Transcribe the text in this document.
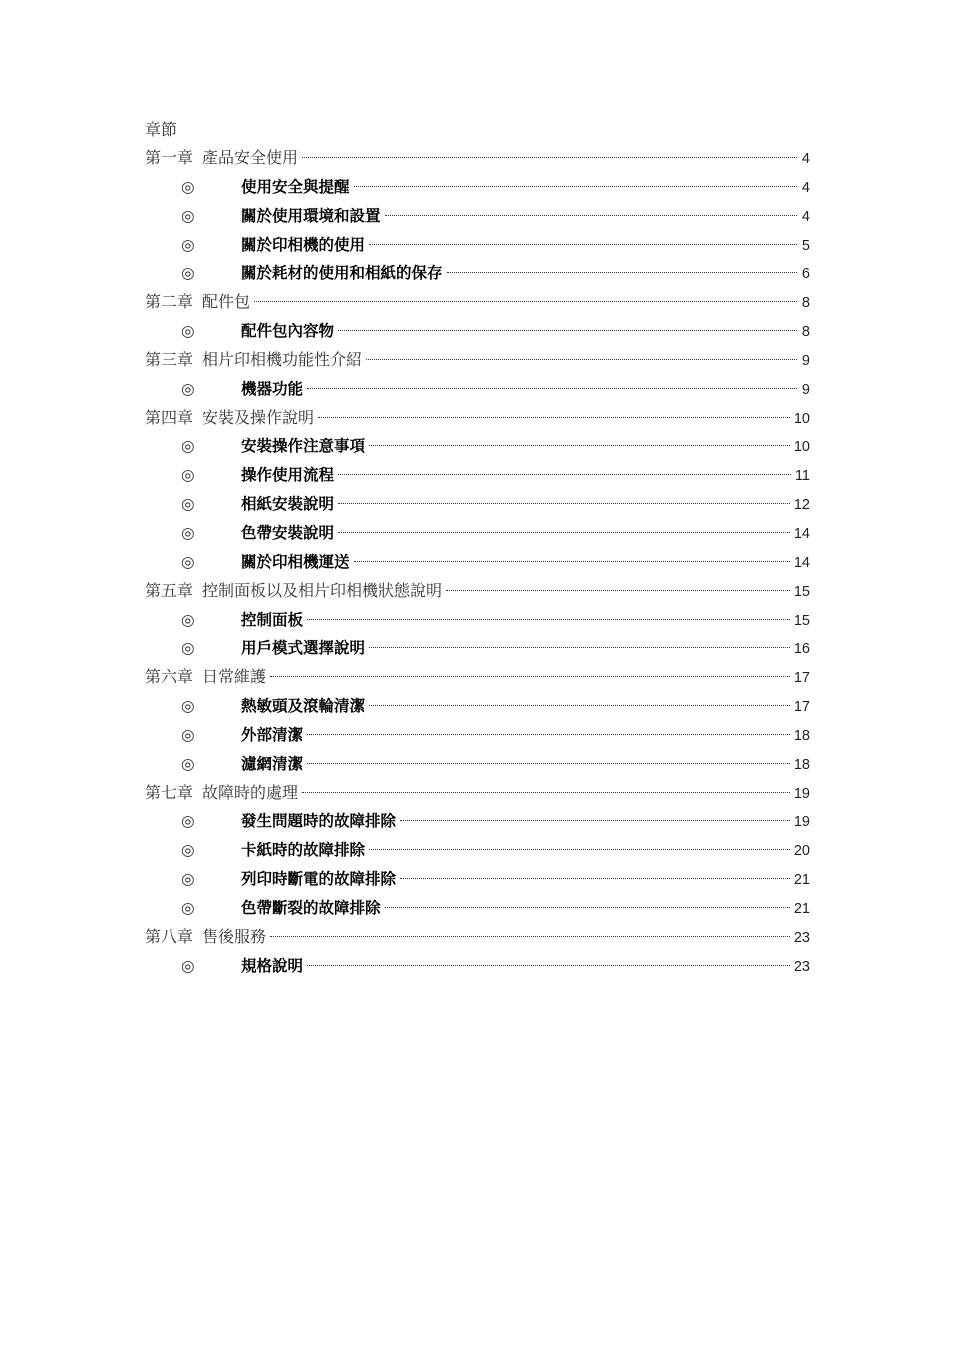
章節
第一章 產品安全使用	4
◎	使用安全與提醒	4
◎	關於使用環境和設置	4
◎	關於印相機的使用	5
◎	關於耗材的使用和相紙的保存	6
第二章 配件包	8
◎	配件包內容物	8
第三章 相片印相機功能性介紹	9
◎	機器功能	9
第四章 安裝及操作說明	10
◎	安裝操作注意事項	10
◎	操作使用流程	11
◎	相紙安裝說明	12
◎	色帶安裝說明	14
◎	關於印相機運送	14
第五章 控制面板以及相片印相機狀態說明	15
◎	控制面板	15
◎	用戶模式選擇說明	16
第六章 日常維護	17
◎	熱敏頭及滾輪清潔	17
◎	外部清潔	18
◎	濾網清潔	18
第七章 故障時的處理	19
◎	發生問題時的故障排除	19
◎	卡紙時的故障排除	20
◎	列印時斷電的故障排除	21
◎	色帶斷裂的故障排除	21
第八章 售後服務	23
◎	規格說明	23
